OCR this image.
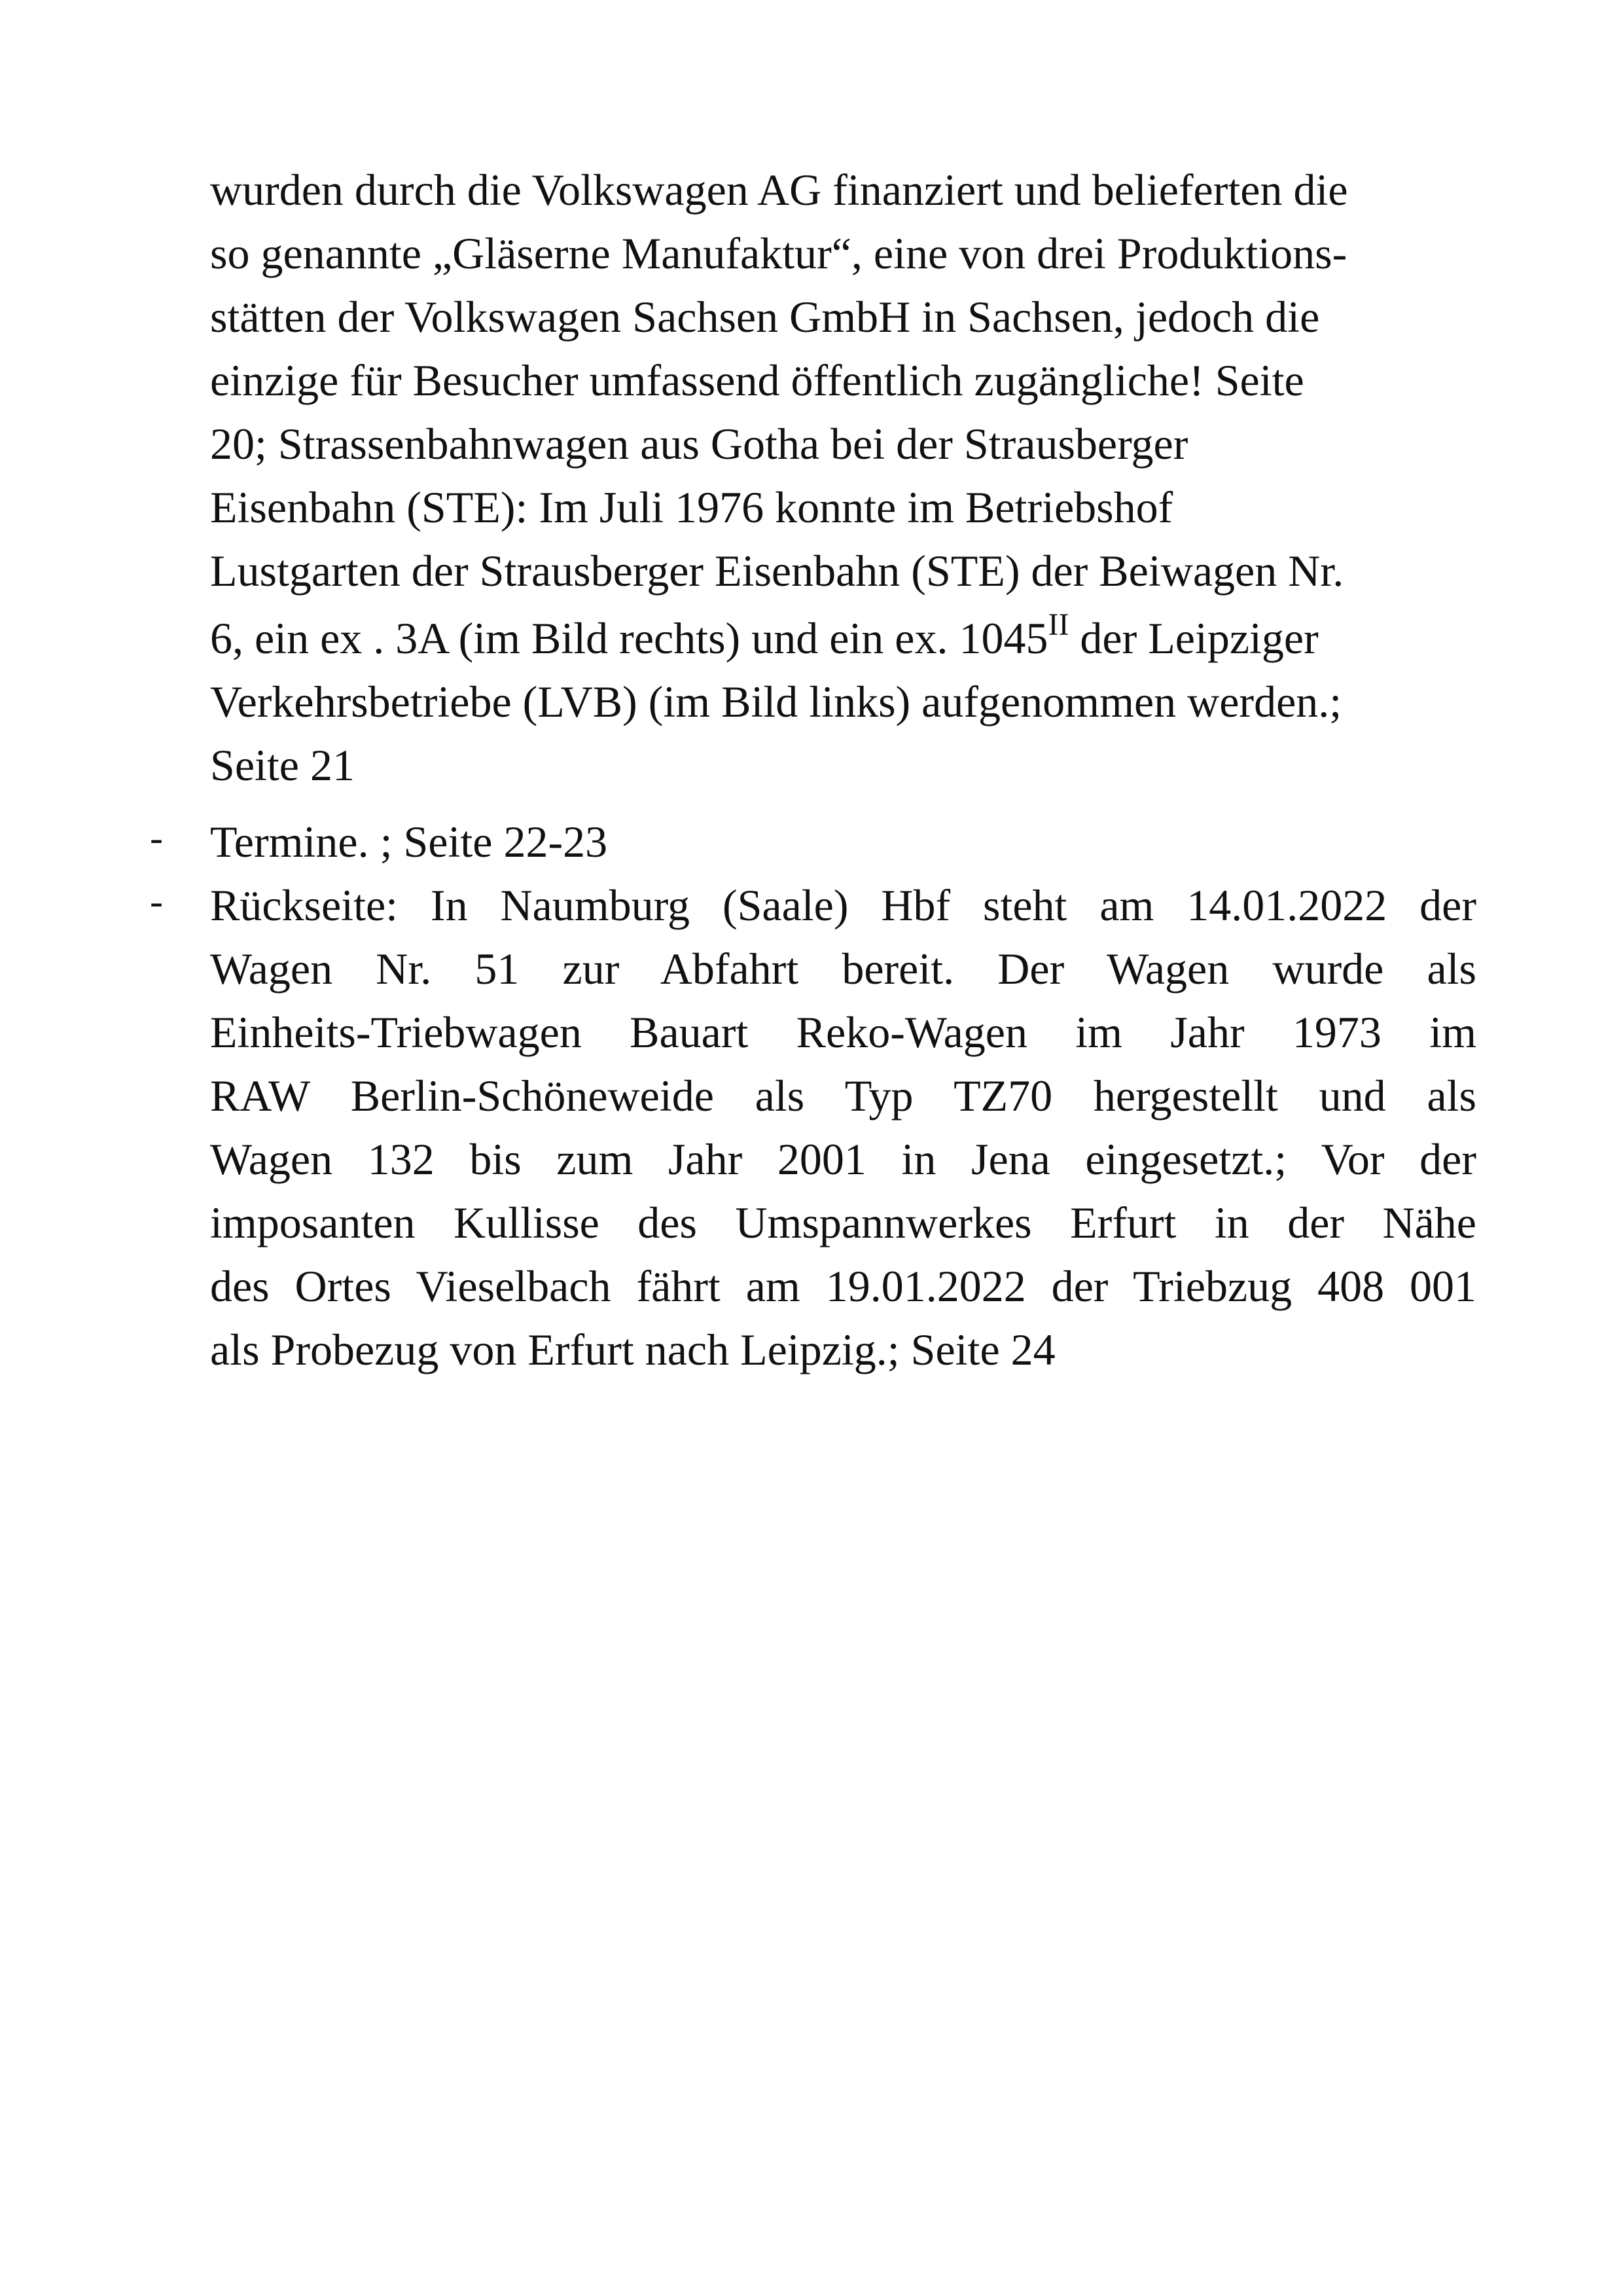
wurden durch die Volkswagen AG finanziert und belieferten die
so genannte „Gläserne Manufaktur“, eine von drei Produktions-
stätten der Volkswagen Sachsen GmbH in Sachsen, jedoch die
einzige für Besucher umfassend öffentlich zugängliche! Seite
20; Strassenbahnwagen aus Gotha bei der Strausberger
Eisenbahn (STE): Im Juli 1976 konnte im Betriebshof
Lustgarten der Strausberger Eisenbahn (STE) der Beiwagen Nr.
6, ein ex . 3A (im Bild rechts) und ein ex. $1045^{II}$ der Leipziger
Verkehrsbetriebe (LVB) (im Bild links) aufgenommen werden.;
Seite 21
- Termine. ; Seite 22-23
- Rückseite: In Naumburg (Saale) Hbf steht am 14.01.2022 der
Wagen Nr. 51 zur Abfahrt bereit. Der Wagen wurde als
Einheits-Triebwagen Bauart Reko-Wagen im Jahr 1973 im
RAW Berlin-Schöneweide als Typ TZ70 hergestellt und als
Wagen 132 bis zum Jahr 2001 in Jena eingesetzt.; Vor der
imposanten Kullisse des Umspannwerkes Erfurt in der Nähe
des Ortes Vieselbach fährt am 19.01.2022 der Triebzug 408 001
als Probezug von Erfurt nach Leipzig.; Seite 24
